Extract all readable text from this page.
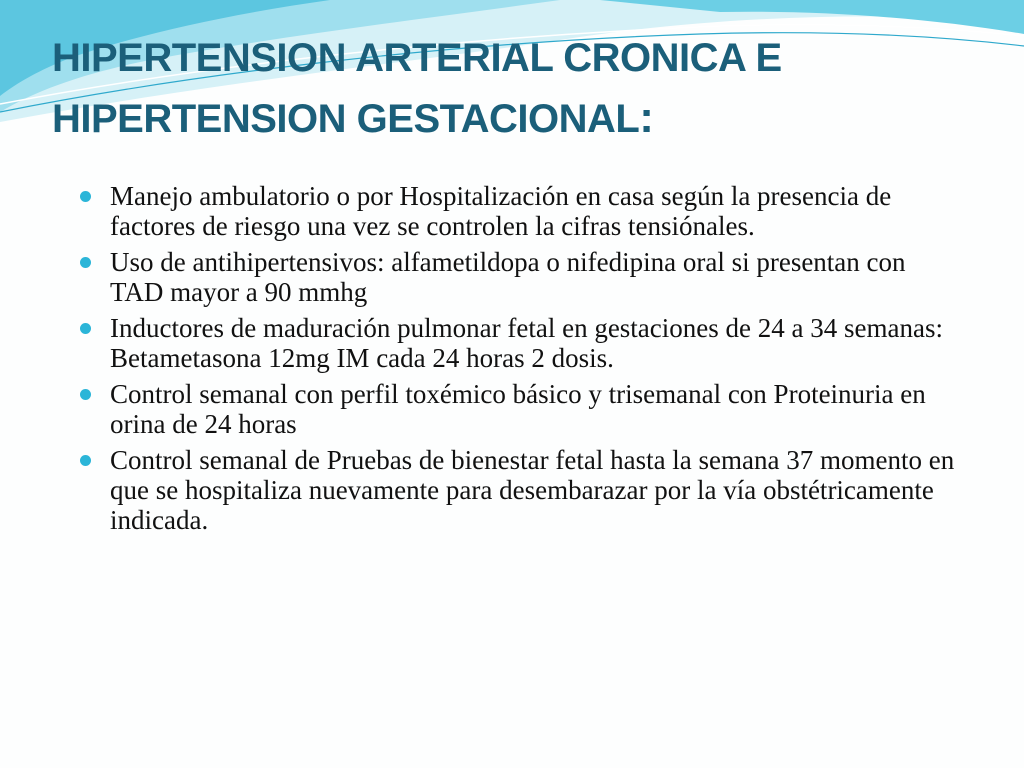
HIPERTENSION ARTERIAL CRONICA E
HIPERTENSION GESTACIONAL:
Manejo ambulatorio o por Hospitalización en casa según la presencia de factores de riesgo una vez se controlen la cifras tensiónales.
Uso de antihipertensivos: alfametildopa o nifedipina oral si presentan con TAD mayor a 90 mmhg
Inductores de maduración pulmonar fetal en gestaciones de 24 a 34 semanas: Betametasona 12mg IM cada 24 horas 2 dosis.
Control semanal con perfil toxémico básico y trisemanal con Proteinuria en orina de 24 horas
Control semanal de Pruebas de bienestar fetal hasta la semana 37 momento en que se hospitaliza nuevamente para desembarazar por la vía obstétricamente indicada.
